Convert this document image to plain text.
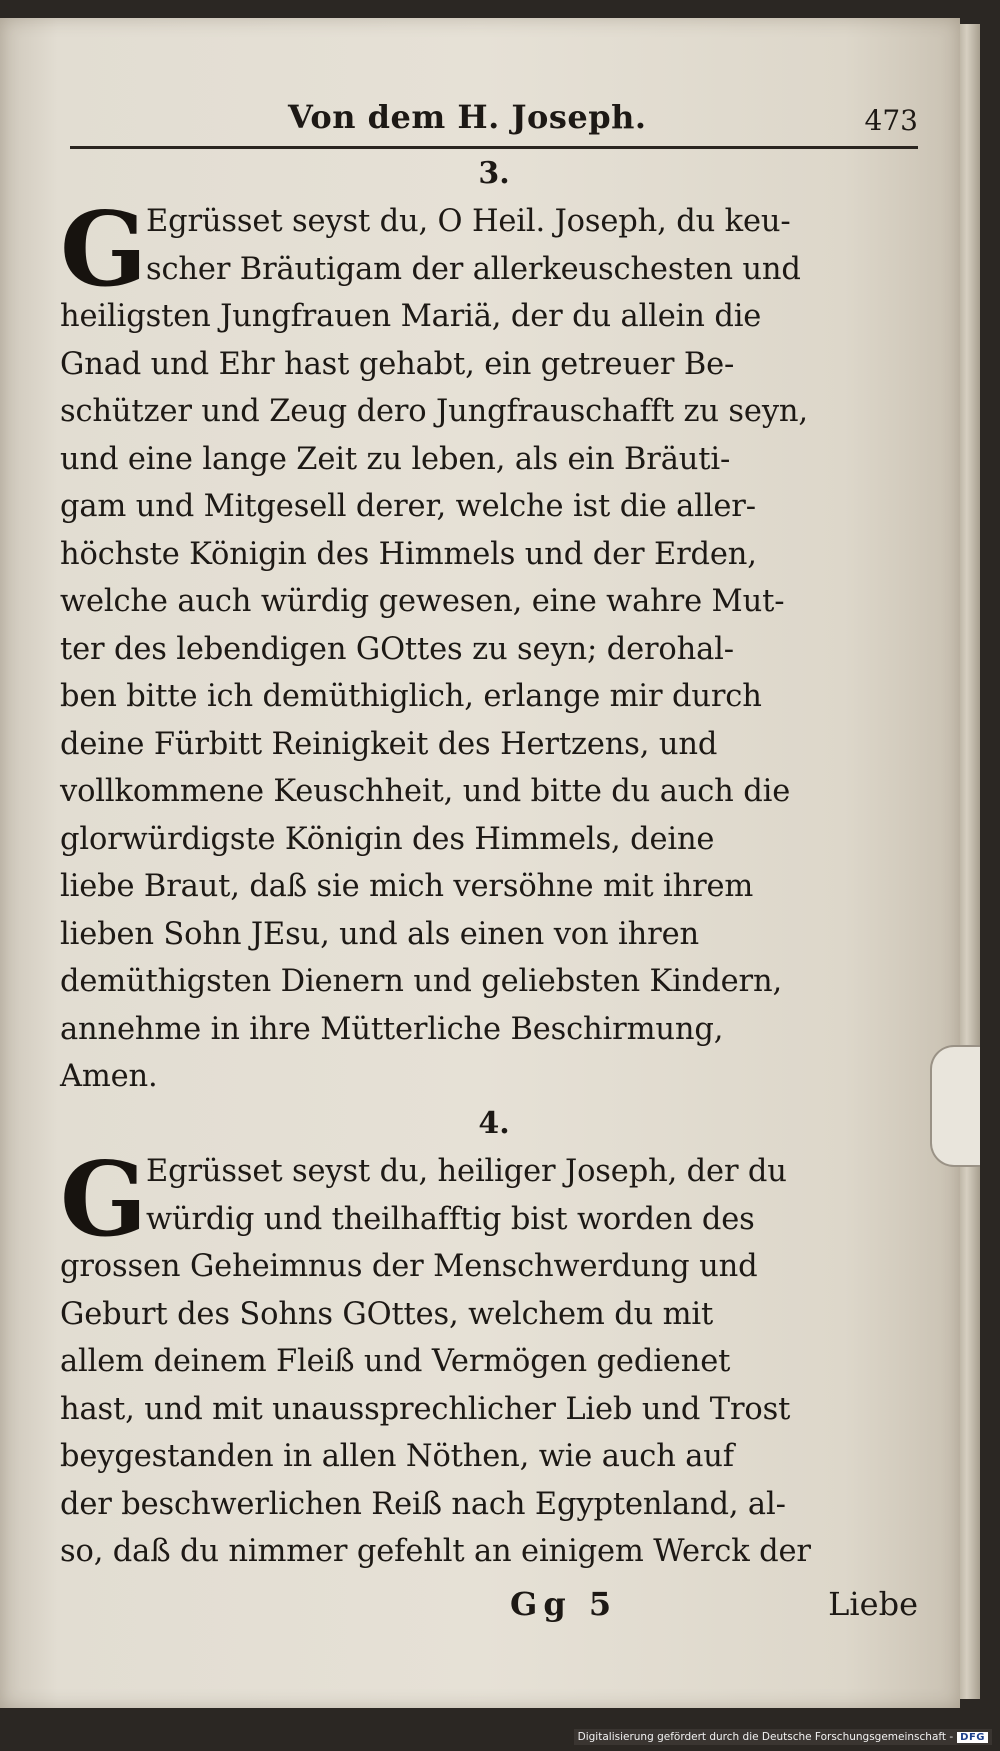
Von dem H. Joseph.	473
3.
G
Egrüsset seyst du, O Heil. Joseph, du keu-
scher Bräutigam der allerkeuschesten und
heiligsten Jungfrauen Mariä, der du allein die
Gnad und Ehr hast gehabt, ein getreuer Be-
schützer und Zeug dero Jungfrauschafft zu seyn,
und eine lange Zeit zu leben, als ein Bräuti-
gam und Mitgesell derer, welche ist die aller-
höchste Königin des Himmels und der Erden,
welche auch würdig gewesen, eine wahre Mut-
ter des lebendigen GOttes zu seyn; derohal-
ben bitte ich demüthiglich, erlange mir durch
deine Fürbitt Reinigkeit des Hertzens, und
vollkommene Keuschheit, und bitte du auch die
glorwürdigste Königin des Himmels, deine
liebe Braut, daß sie mich versöhne mit ihrem
lieben Sohn JEsu, und als einen von ihren
demüthigsten Dienern und geliebsten Kindern,
annehme in ihre Mütterliche Beschirmung,
Amen.
4.
G
Egrüsset seyst du, heiliger Joseph, der du
würdig und theilhafftig bist worden des
grossen Geheimnus der Menschwerdung und
Geburt des Sohns GOttes, welchem du mit
allem deinem Fleiß und Vermögen gedienet
hast, und mit unaussprechlicher Lieb und Trost
beygestanden in allen Nöthen, wie auch auf
der beschwerlichen Reiß nach Egyptenland, al-
so, daß du nimmer gefehlt an einigem Werck der
Gg 5	Liebe
Digitalisierung gefördert durch die Deutsche Forschungsgemeinschaft - DFG
